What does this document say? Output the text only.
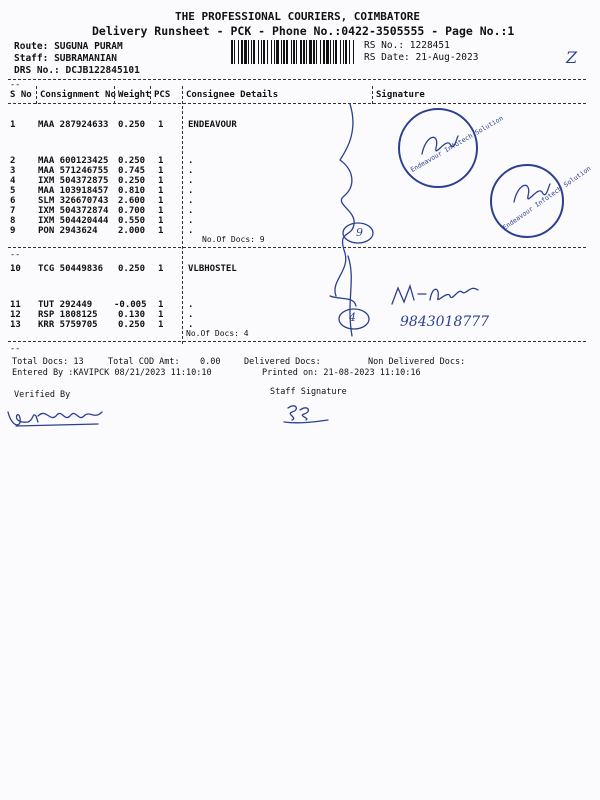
THE PROFESSIONAL COURIERS, COIMBATORE
Delivery Runsheet - PCK - Phone No.:0422-3505555 - Page No.:1
Route: SUGUNA PURAM
Staff: SUBRAMANIAN
DRS No.: DCJB122845101
RS No.: 1228451
RS Date: 21-Aug-2023	Z
--
S No Consignment No Weight PCS Consignee Details	Signature
1	MAA 287924633 0.250 1	ENDEAVOUR
2	MAA 600123425 0.250 1	.
3	MAA 571246755 0.745 1	.
4	IXM 504372875 0.250 1	.
5	MAA 103918457 0.810 1	.
6	SLM 326670743 2.600 1	.
7	IXM 504372874 0.700 1	.
8	IXM 504420444 0.550 1	.
9	PON 2943624 2.000 1	.
No.Of Docs: 9
--
10 TCG 50449836 0.250 1	VLBHOSTEL
11 TUT 292449 -0.005 1	.
12 RSP 1808125 0.130 1	.
13 KRR 5759705 0.250 1	.
No.Of Docs: 4
--
Total Docs: 13	Total COD Amt: 0.00	Delivered Docs:	Non Delivered Docs:
Entered By :KAVIPCK 08/21/2023 11:10:10	Printed on: 21-08-2023 11:10:16
Verified By	Staff Signature
9
4	9843018777
Endeavour Infotech Solution
Endeavour Infotech Solution
